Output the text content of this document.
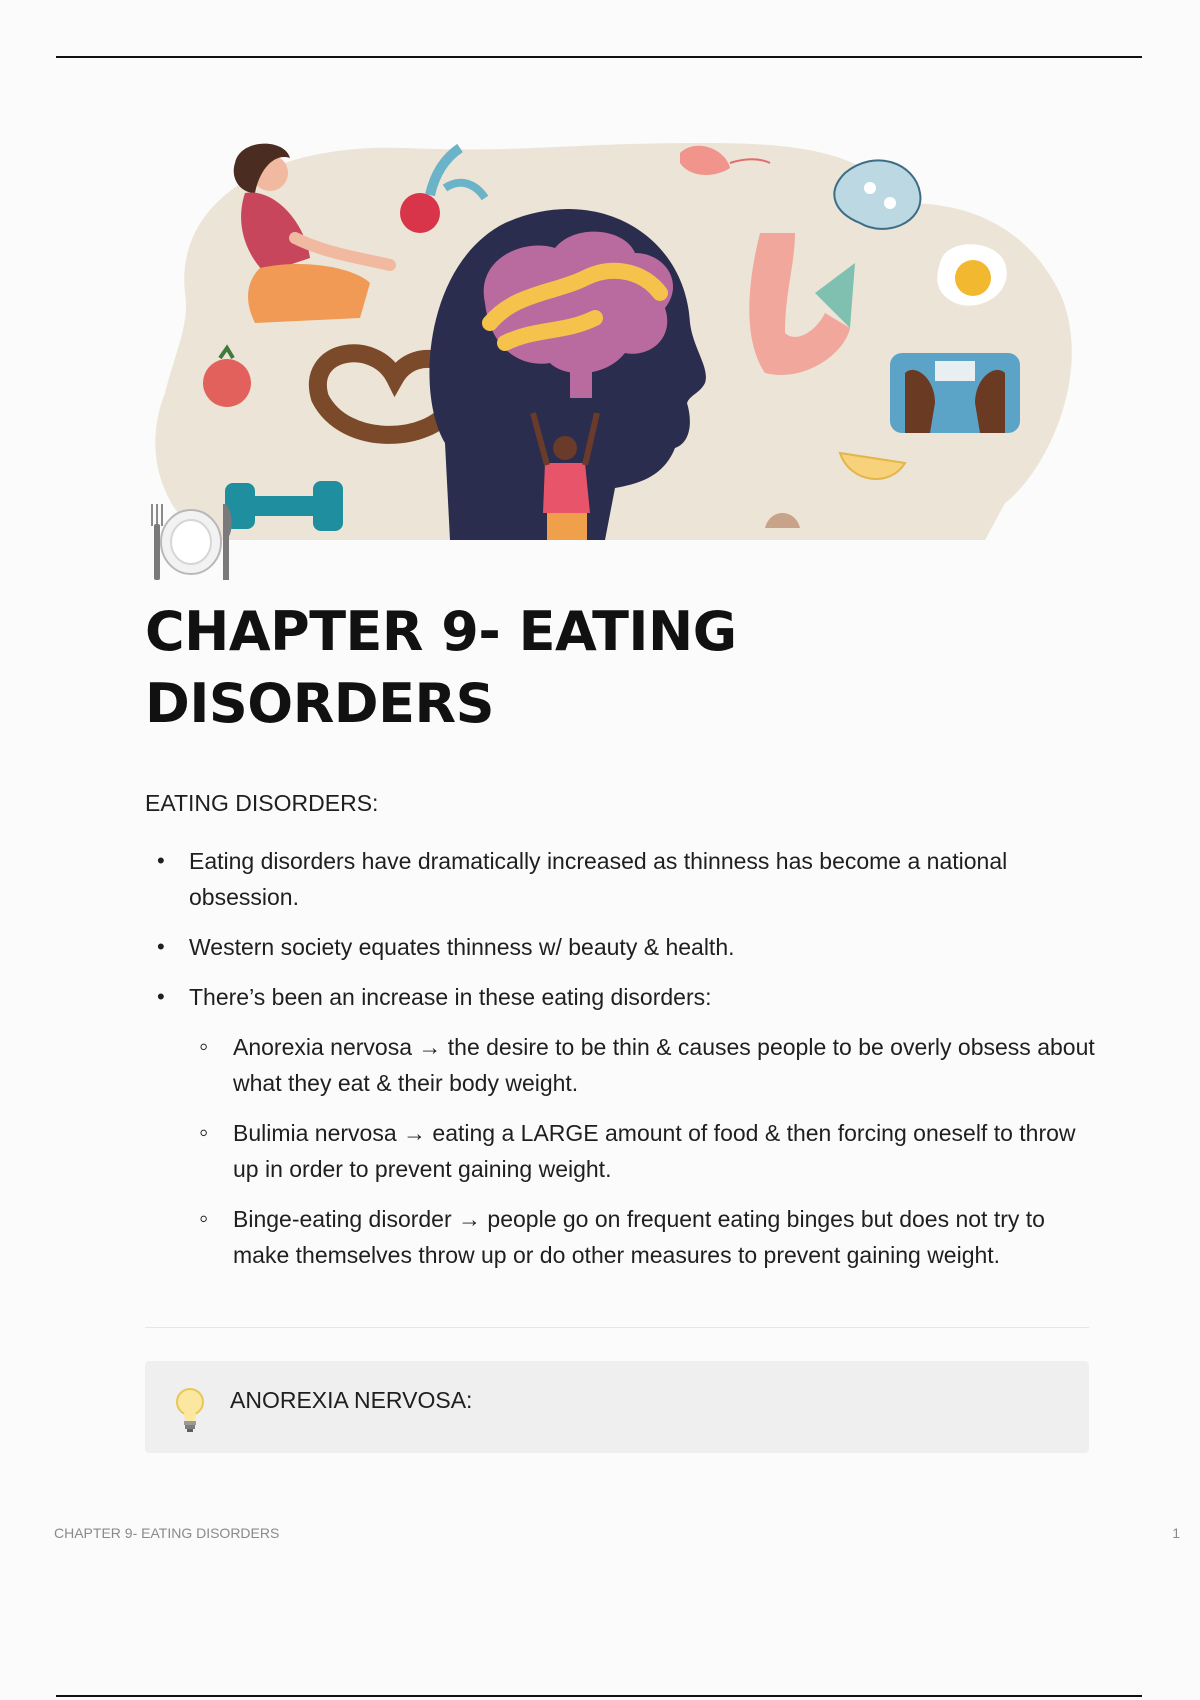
CHAPTER 9- EATING DISORDERS

EATING DISORDERS:

• Eating disorders have dramatically increased as thinness has become a national obsession.
• Western society equates thinness w/ beauty & health.
• There’s been an increase in these eating disorders:
◦ Anorexia nervosa → the desire to be thin & causes people to be overly obsess about what they eat & their body weight.
◦ Bulimia nervosa → eating a LARGE amount of food & then forcing oneself to throw up in order to prevent gaining weight.
◦ Binge-eating disorder → people go on frequent eating binges but does not try to make themselves throw up or do other measures to prevent gaining weight.
ANOREXIA NERVOSA:
CHAPTER 9- EATING DISORDERS	1
